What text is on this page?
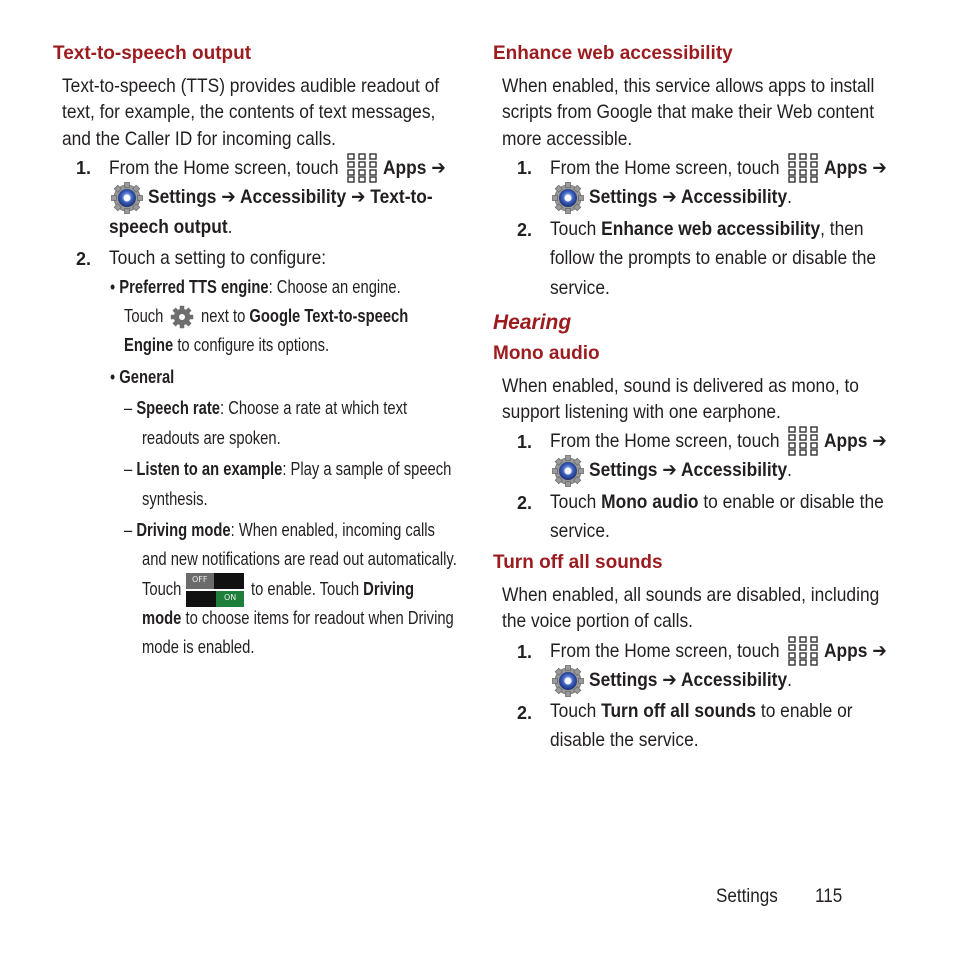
Text-to-speech output
Text-to-speech (TTS) provides audible readout of
text, for example, the contents of text messages,
and the Caller ID for incoming calls.
1. From the Home screen, touch Apps ➔
Settings ➔ Accessibility ➔ Text-to-
speech output.
2. Touch a setting to configure:
• Preferred TTS engine: Choose an engine.
Touch next to Google Text-to-speech
Engine to configure its options.
• General
– Speech rate: Choose a rate at which text
readouts are spoken.
– Listen to an example: Play a sample of speech
synthesis.
– Driving mode: When enabled, incoming calls
and new notifications are read out automatically.
Touch OFF
ON to enable. Touch Driving
mode to choose items for readout when Driving
mode is enabled.
Enhance web accessibility
When enabled, this service allows apps to install
scripts from Google that make their Web content
more accessible.
1. From the Home screen, touch Apps ➔
Settings ➔ Accessibility.
2. Touch Enhance web accessibility, then
follow the prompts to enable or disable the
service.
Hearing
Mono audio
When enabled, sound is delivered as mono, to
support listening with one earphone.
1. From the Home screen, touch Apps ➔
Settings ➔ Accessibility.
2. Touch Mono audio to enable or disable the
service.
Turn off all sounds
When enabled, all sounds are disabled, including
the voice portion of calls.
1. From the Home screen, touch Apps ➔
Settings ➔ Accessibility.
2. Touch Turn off all sounds to enable or
disable the service.
Settings 115
